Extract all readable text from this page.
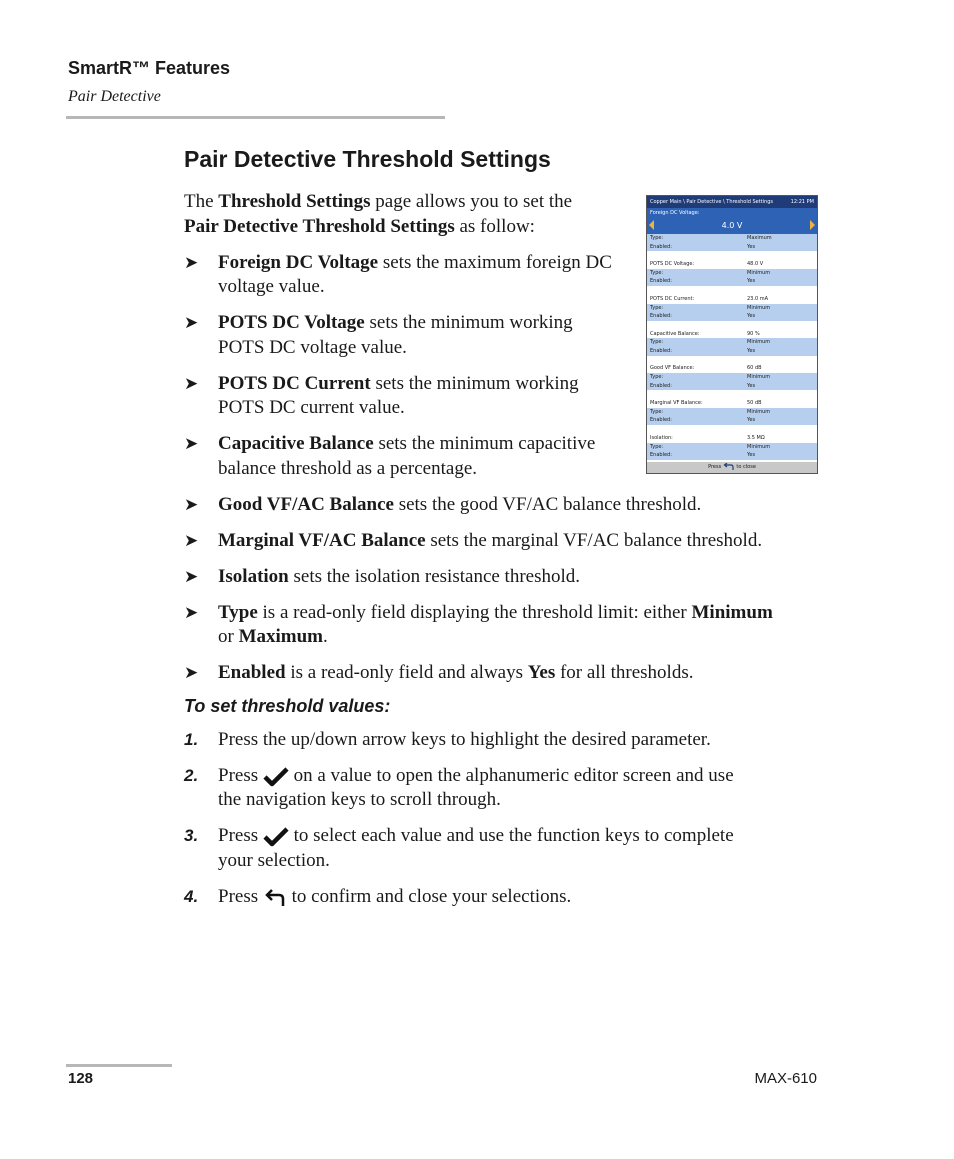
SmartR™ Features
Pair Detective
Pair Detective Threshold Settings
The Threshold Settings page allows you to set the
Pair Detective Threshold Settings as follow:
➤ Foreign DC Voltage sets the maximum foreign DC
voltage value.
➤ POTS DC Voltage sets the minimum working
POTS DC voltage value.
➤ POTS DC Current sets the minimum working
POTS DC current value.
➤ Capacitive Balance sets the minimum capacitive
balance threshold as a percentage.
➤ Good VF/AC Balance sets the good VF/AC balance threshold.
➤ Marginal VF/AC Balance sets the marginal VF/AC balance threshold.
➤ Isolation sets the isolation resistance threshold.
➤ Type is a read-only field displaying the threshold limit: either Minimum
or Maximum.
➤ Enabled is a read-only field and always Yes for all thresholds.
To set threshold values:
1. Press the up/down arrow keys to highlight the desired parameter.
2. Press  on a value to open the alphanumeric editor screen and use
the navigation keys to scroll through.
3. Press  to select each value and use the function keys to complete
your selection.
4. Press  to confirm and close your selections.
Copper Main \ Pair Detective \ Threshold Settings	12:21 PM
Foreign DC Voltage:
4.0 V
Type:	Maximum
Enabled:	Yes
POTS DC Voltage:	48.0 V
Type:	Minimum
Enabled:	Yes
POTS DC Current:	23.0 mA
Type:	Minimum
Enabled:	Yes
Capacitive Balance:	90 %
Type:	Minimum
Enabled:	Yes
Good VF Balance:	60 dB
Type:	Minimum
Enabled:	Yes
Marginal VF Balance:	50 dB
Type:	Minimum
Enabled:	Yes
Isolation:	3.5 MΩ
Type:	Minimum
Enabled:	Yes
Press	to close
128	MAX-610
